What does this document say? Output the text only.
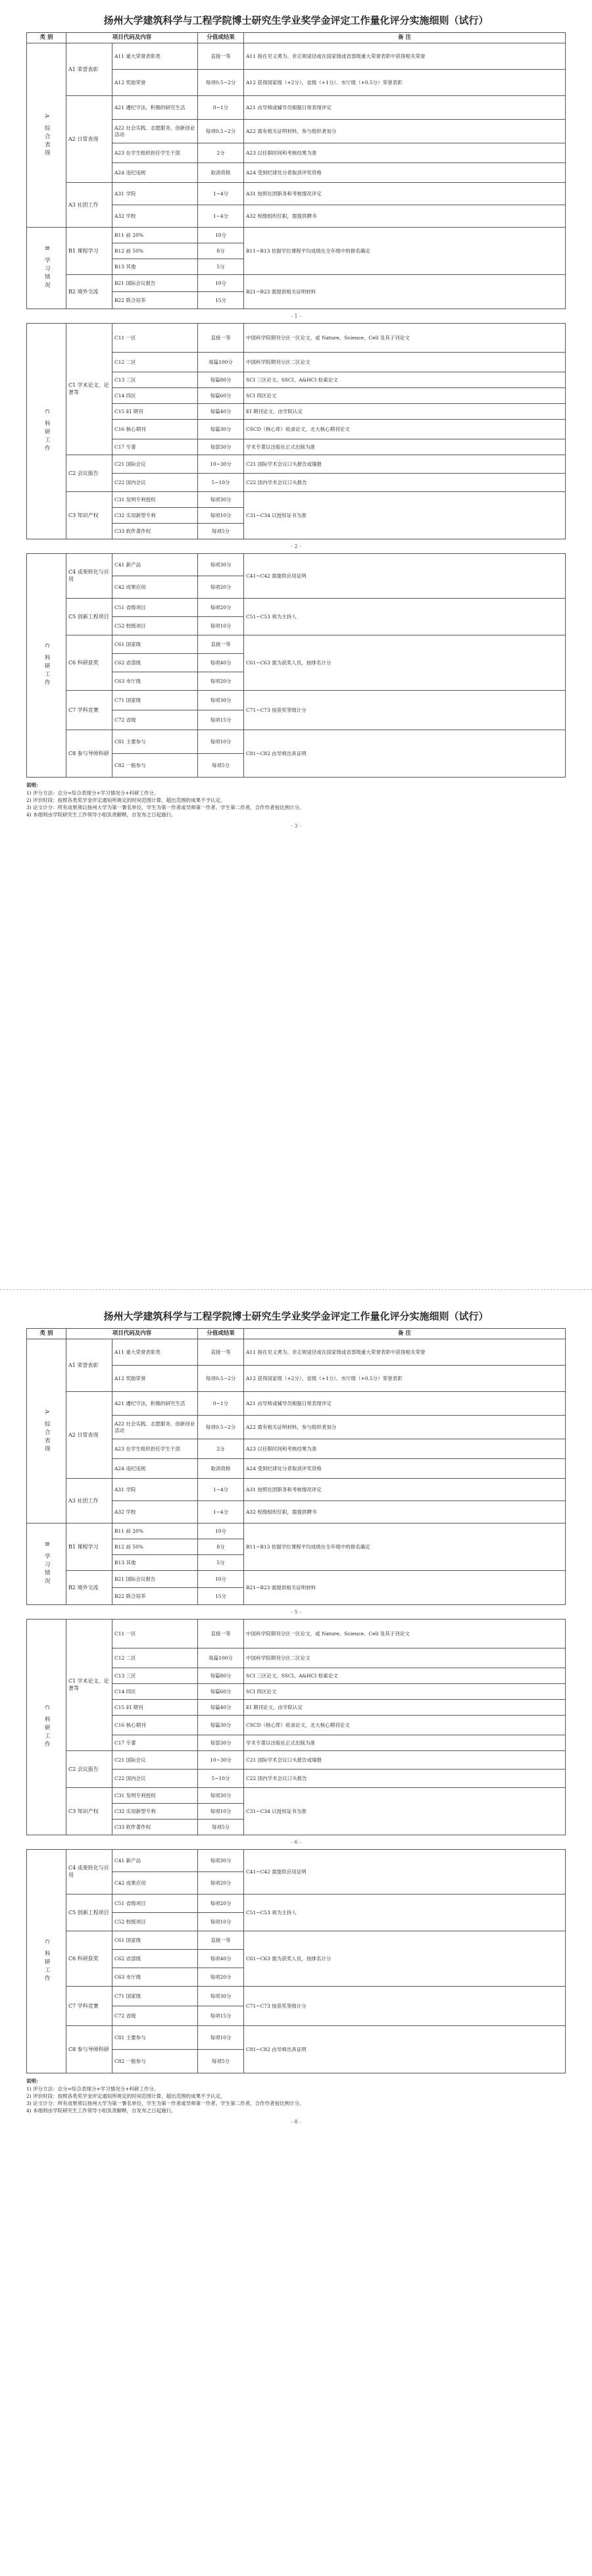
扬州大学建筑科学与工程学院博士研究生学业奖学金评定工作量化评分实施细则（试行）
类 别	项目代码及内容		分值或结果	备 注
A 综合表现	A1 荣誉表彰	A11 重大荣誉表彰类	直接一等	A11 指在见义勇为、非正规途径或在国家级或省部级重大荣誉表彰中获得相关荣誉
		A12 奖励荣誉	每项0.5~2分	A12 获得国家级（+2分）、省级（+1分）、市厅级（+0.5分）荣誉表彰
	A2 日常表现	A21 遵纪守法，积极的研究生活	0~1分	A21 由导师或辅导员根据日常表现评定
		A22 社会实践、志愿服务、创新创业活动	每项0.5~2分	A22 需有相关证明材料，参与组织者加分
		A23 在学生组织担任学生干部	2分	A23 以任职时间和考核结果为准
		A24 违纪违规	取消资格	A24 受到纪律处分者取消评奖资格
	A3 社团工作	A31 学院	1~4分	A31 按照社团职务和考核情况评定
		A32 学校	1~4分	A32 校级组织任职，需提供聘书
B 学习情况	B1 课程学习	B11 前 20%	10分	B11~B13 依据学位课程平均成绩在全年级中的排名确定
		B12 前 50%	8分	
		B13 其他	5分	
	B2 境外交流	B21 国际会议报告	10分	B21~B23 需提供相关证明材料
		B22 联合培养	15分	
- 1 -
C 科研工作	C1 学术论文、论著等	C11 一区	直接一等	中国科学院期刊分区一区论文，或 Nature、Science、Cell 及其子刊论文
		C12 二区	每篇100分	中国科学院期刊分区二区论文
		C13 三区	每篇80分	SCI 三区论文、SSCI、A&HCI 检索论文
		C14 四区	每篇60分	SCI 四区论文
		C15 EI 期刊	每篇40分	EI 期刊论文，由学院认定
		C16 核心期刊	每篇30分	CSCD（核心库）收录论文，北大核心期刊论文
		C17 专著	每部30分	学术专著以出版社正式出版为准
	C2 会议报告	C21 国际会议	10~30分	C21 国际学术会议口头报告或墙报
		C22 国内会议	5~10分	C22 国内学术会议口头报告
	C3 知识产权	C31 发明专利授权	每项30分	C31~C34 以授权证书为准
		C32 实用新型专利	每项10分	
		C33 软件著作权	每项5分	
- 2 -
C 科研工作	C4 成果转化与应用	C41 新产品	每项30分	C41~C42 需提供应用证明
		C42 成果应用	每项20分	
	C5 创新工程项目	C51 省级项目	每项20分	C51~C53 须为主持人
		C52 校级项目	每项10分	
	C6 科研获奖	C61 国家级	直接一等	C61~C63 需为获奖人员，按排名计分
		C62 省部级	每项40分	
		C63 市厅级	每项20分	
	C7 学科竞赛	C71 国家级	每项30分	C71~C73 按获奖等级计分
		C72 省级	每项15分	
	C8 参与导师科研	C81 主要参与	每项10分	C81~C82 由导师出具证明
		C82 一般参与	每项5分	
说明：
1) 评分方法：总分=综合表现分+学习情况分+科研工作分。
2) 评价时段：按照各类奖学金评定通知所规定的时间范围计算，超出范围的成果不予认定。
3) 论文计分：所有成果须以扬州大学为第一署名单位，学生为第一作者或导师第一作者、学生第二作者，合作作者按比例计分。
4) 本细则由学院研究生工作领导小组负责解释，自发布之日起施行。
- 3 -
扬州大学建筑科学与工程学院博士研究生学业奖学金评定工作量化评分实施细则（试行）
类 别	项目代码及内容		分值或结果	备 注
A 综合表现	A1 荣誉表彰	A11 重大荣誉表彰类	直接一等	A11 指在见义勇为、非正规途径或在国家级或省部级重大荣誉表彰中获得相关荣誉
		A12 奖励荣誉	每项0.5~2分	A12 获得国家级（+2分）、省级（+1分）、市厅级（+0.5分）荣誉表彰
	A2 日常表现	A21 遵纪守法，积极的研究生活	0~1分	A21 由导师或辅导员根据日常表现评定
		A22 社会实践、志愿服务、创新创业活动	每项0.5~2分	A22 需有相关证明材料，参与组织者加分
		A23 在学生组织担任学生干部	2分	A23 以任职时间和考核结果为准
		A24 违纪违规	取消资格	A24 受到纪律处分者取消评奖资格
	A3 社团工作	A31 学院	1~4分	A31 按照社团职务和考核情况评定
		A32 学校	1~4分	A32 校级组织任职，需提供聘书
B 学习情况	B1 课程学习	B11 前 20%	10分	B11~B13 依据学位课程平均成绩在全年级中的排名确定
		B12 前 50%	8分	
		B13 其他	5分	
	B2 境外交流	B21 国际会议报告	10分	B21~B23 需提供相关证明材料
		B22 联合培养	15分	
- 5 -
C 科研工作	C1 学术论文、论著等	C11 一区	直接一等	中国科学院期刊分区一区论文，或 Nature、Science、Cell 及其子刊论文
		C12 二区	每篇100分	中国科学院期刊分区二区论文
		C13 三区	每篇80分	SCI 三区论文、SSCI、A&HCI 检索论文
		C14 四区	每篇60分	SCI 四区论文
		C15 EI 期刊	每篇40分	EI 期刊论文，由学院认定
		C16 核心期刊	每篇30分	CSCD（核心库）收录论文，北大核心期刊论文
		C17 专著	每部30分	学术专著以出版社正式出版为准
	C2 会议报告	C21 国际会议	10~30分	C21 国际学术会议口头报告或墙报
		C22 国内会议	5~10分	C22 国内学术会议口头报告
	C3 知识产权	C31 发明专利授权	每项30分	C31~C34 以授权证书为准
		C32 实用新型专利	每项10分	
		C33 软件著作权	每项5分	
- 6 -
C 科研工作	C4 成果转化与应用	C41 新产品	每项30分	C41~C42 需提供应用证明
		C42 成果应用	每项20分	
	C5 创新工程项目	C51 省级项目	每项20分	C51~C53 须为主持人
		C52 校级项目	每项10分	
	C6 科研获奖	C61 国家级	直接一等	C61~C63 需为获奖人员，按排名计分
		C62 省部级	每项40分	
		C63 市厅级	每项20分	
	C7 学科竞赛	C71 国家级	每项30分	C71~C73 按获奖等级计分
		C72 省级	每项15分	
	C8 参与导师科研	C81 主要参与	每项10分	C81~C82 由导师出具证明
		C82 一般参与	每项5分	
说明：
1) 评分方法：总分=综合表现分+学习情况分+科研工作分。
2) 评价时段：按照各类奖学金评定通知所规定的时间范围计算，超出范围的成果不予认定。
3) 论文计分：所有成果须以扬州大学为第一署名单位，学生为第一作者或导师第一作者、学生第二作者，合作作者按比例计分。
4) 本细则由学院研究生工作领导小组负责解释，自发布之日起施行。
- 8 -
